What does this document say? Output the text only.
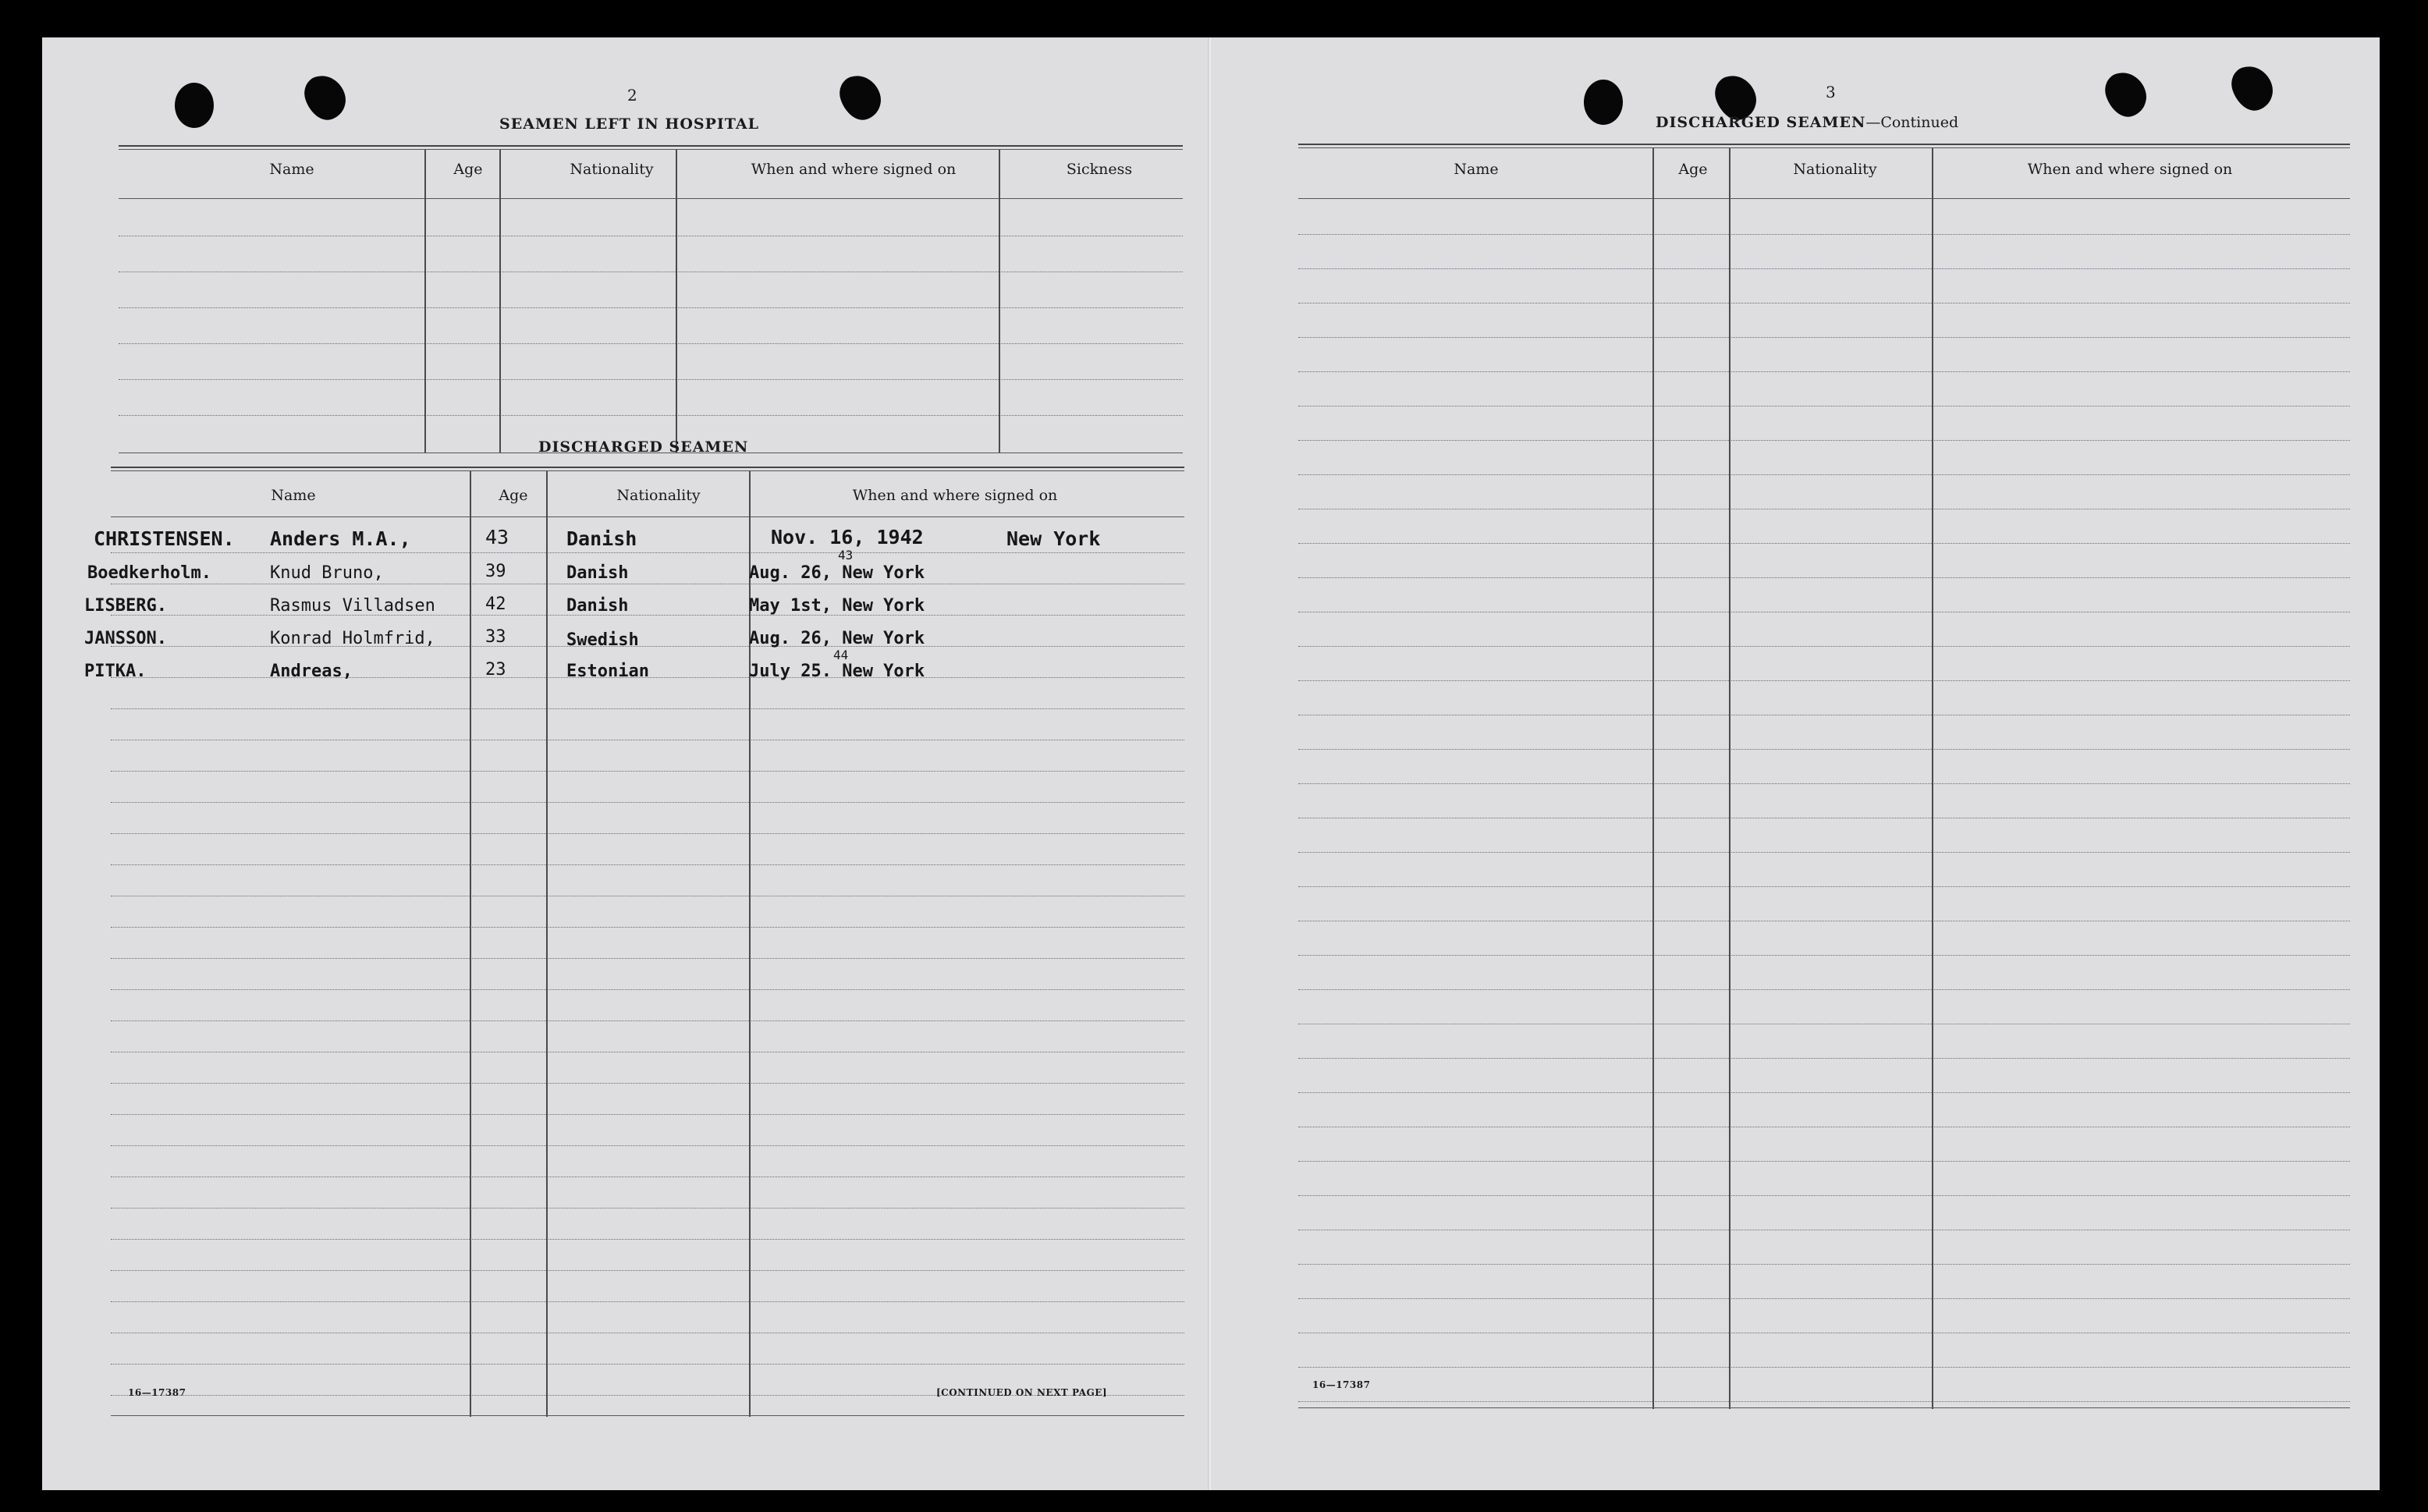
2
SEAMEN LEFT IN HOSPITAL
Name	Age	Nationality	When and where signed on	Sickness
DISCHARGED SEAMEN
Name	Age	Nationality	When and where signed on
CHRISTENSEN. Anders M.A.,	43	Danish	Nov. 16, 1942	New York
Boedkerholm.	Knud Bruno,	39	Danish	Aug. 26, New York
LISBERG.	Rasmus Villadsen	42	Danish	May 1st, New York
JANSSON.	Konrad Holmfrid,	33	Swedish	Aug. 26, New York
PITKA.	Andreas,	23	Estonian	July 25. New York
43
44
16—17387	[CONTINUED ON NEXT PAGE]
3
DISCHARGED SEAMEN—Continued
Name	Age	Nationality	When and where signed on
16—17387
